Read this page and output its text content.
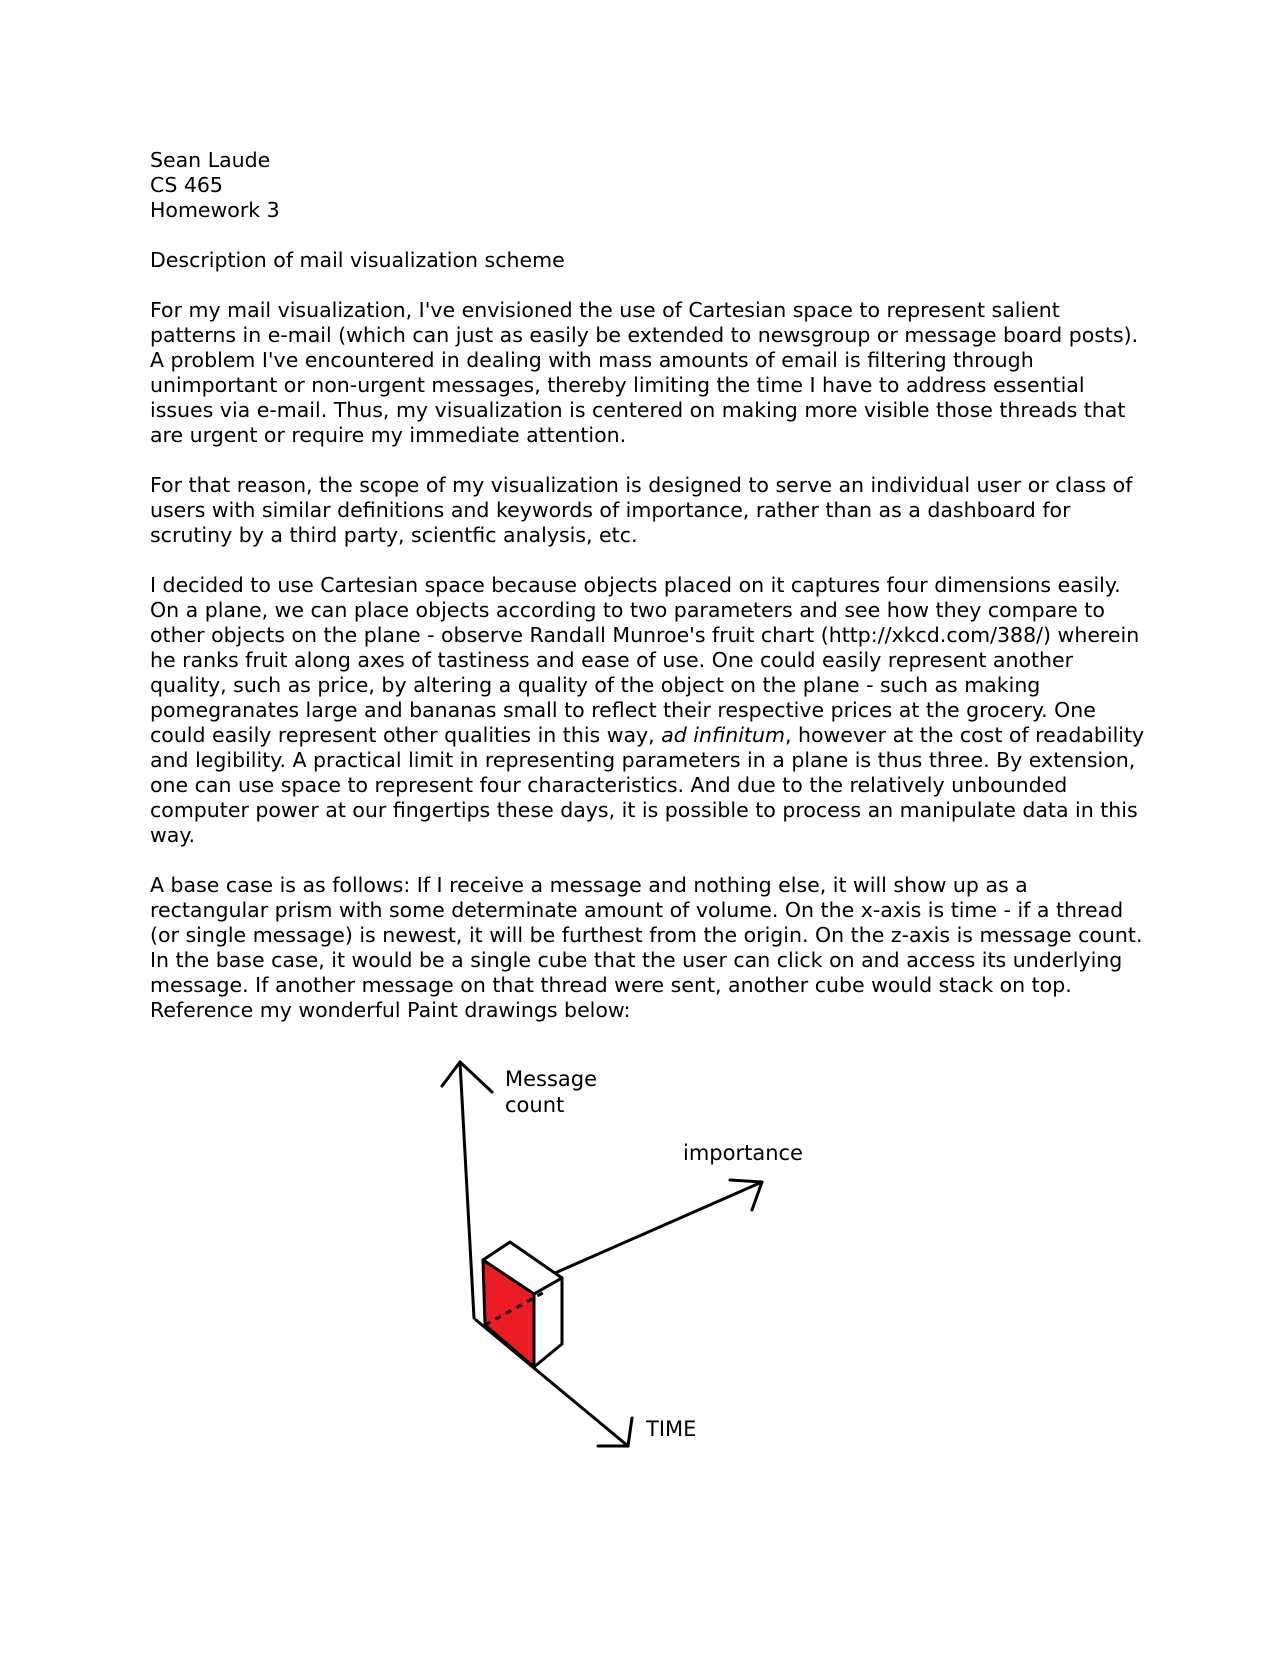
Sean Laude
CS 465
Homework 3

Description of mail visualization scheme

For my mail visualization, I've envisioned the use of Cartesian space to represent salient patterns in e-mail (which can just as easily be extended to newsgroup or message board posts). A problem I've encountered in dealing with mass amounts of email is filtering through unimportant or non-urgent messages, thereby limiting the time I have to address essential issues via e-mail. Thus, my visualization is centered on making more visible those threads that are urgent or require my immediate attention.

For that reason, the scope of my visualization is designed to serve an individual user or class of users with similar definitions and keywords of importance, rather than as a dashboard for scrutiny by a third party, scientfic analysis, etc.

I decided to use Cartesian space because objects placed on it captures four dimensions easily. On a plane, we can place objects according to two parameters and see how they compare to other objects on the plane - observe Randall Munroe's fruit chart (http://xkcd.com/388/) wherein he ranks fruit along axes of tastiness and ease of use. One could easily represent another quality, such as price, by altering a quality of the object on the plane - such as making pomegranates large and bananas small to reflect their respective prices at the grocery. One could easily represent other qualities in this way, ad infinitum, however at the cost of readability and legibility. A practical limit in representing parameters in a plane is thus three. By extension, one can use space to represent four characteristics. And due to the relatively unbounded computer power at our fingertips these days, it is possible to process an manipulate data in this way.

A base case is as follows: If I receive a message and nothing else, it will show up as a rectangular prism with some determinate amount of volume. On the x-axis is time - if a thread (or single message) is newest, it will be furthest from the origin. On the z-axis is message count. In the base case, it would be a single cube that the user can click on and access its underlying message. If another message on that thread were sent, another cube would stack on top. Reference my wonderful Paint drawings below:

Message
count
importance
TIME
